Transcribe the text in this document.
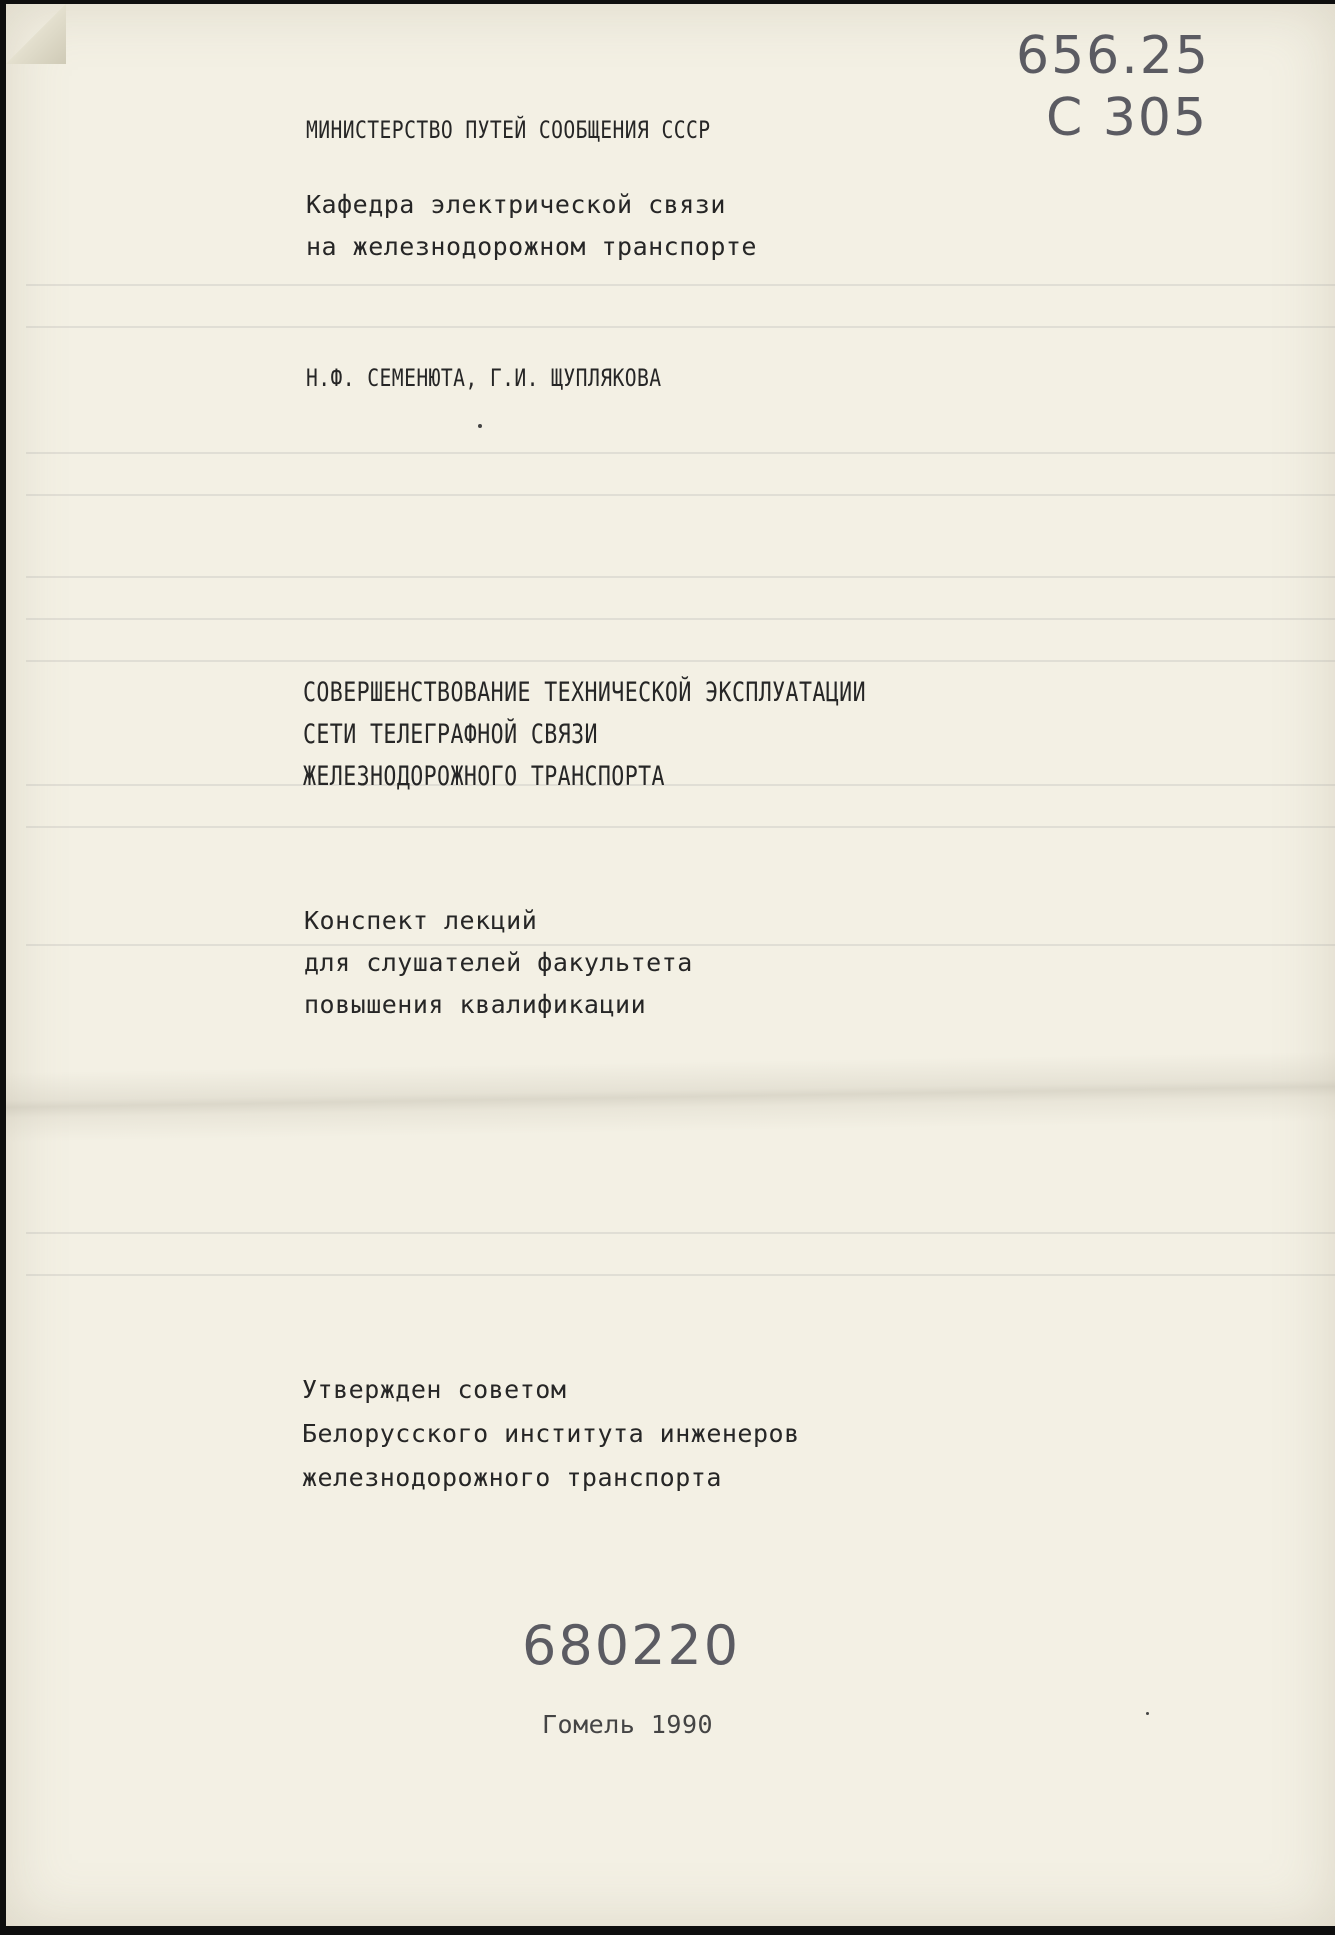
656.25
С 305
МИНИСТЕРСТВО ПУТЕЙ СООБЩЕНИЯ СССР
Кафедра электрической связи
на железнодорожном транспорте
Н.Ф. СЕМЕНЮТА, Г.И. ЩУПЛЯКОВА
СОВЕРШЕНСТВОВАНИЕ ТЕХНИЧЕСКОЙ ЭКСПЛУАТАЦИИ
СЕТИ ТЕЛЕГРАФНОЙ СВЯЗИ
ЖЕЛЕЗНОДОРОЖНОГО ТРАНСПОРТА
Конспект лекций
для слушателей факультета
повышения квалификации
Утвержден советом
Белорусского института инженеров
железнодорожного транспорта
680220
Гомель 1990
